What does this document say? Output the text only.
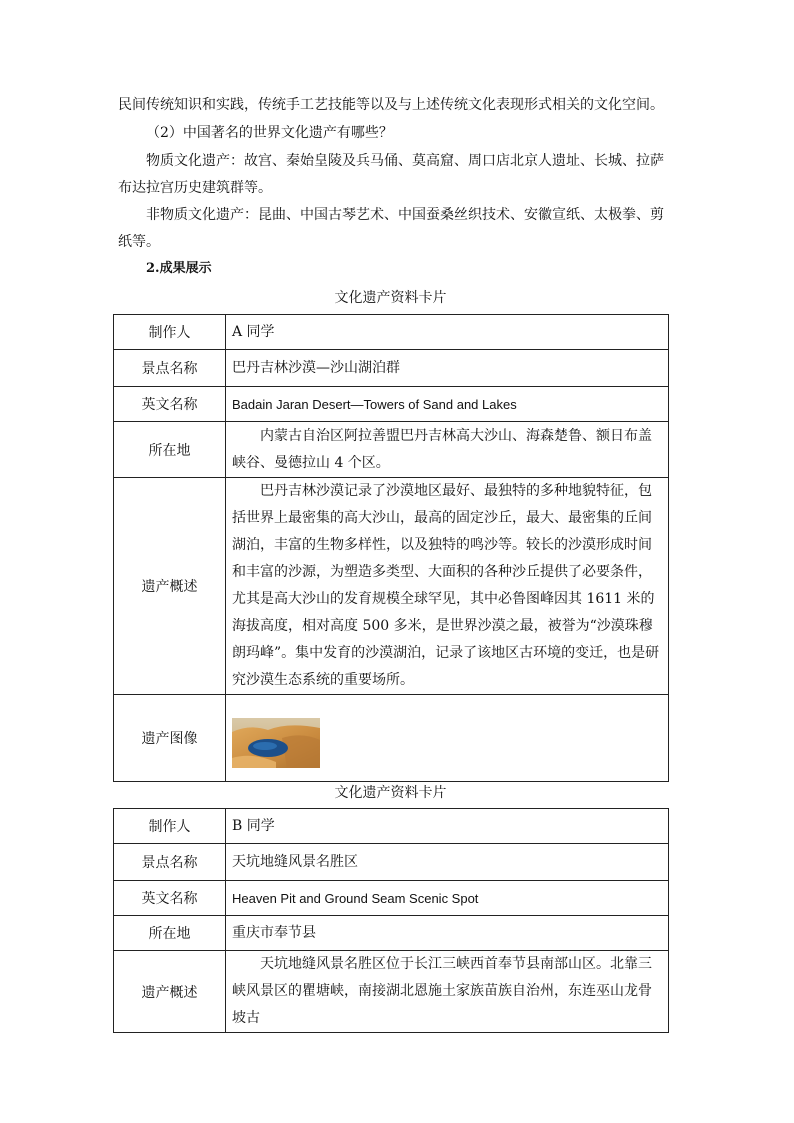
民间传统知识和实践，传统手工艺技能等以及与上述传统文化表现形式相关的文化空间。

（2）中国著名的世界文化遗产有哪些？

物质文化遗产：故宫、秦始皇陵及兵马俑、莫高窟、周口店北京人遗址、长城、拉萨布达拉宫历史建筑群等。

非物质文化遗产：昆曲、中国古琴艺术、中国蚕桑丝织技术、安徽宣纸、太极拳、剪纸等。

2.成果展示

文化遗产资料卡片

制作人	A 同学
景点名称	巴丹吉林沙漠—沙山湖泊群
英文名称	Badain Jaran Desert—Towers of Sand and Lakes
所在地	内蒙古自治区阿拉善盟巴丹吉林高大沙山、海森楚鲁、额日布盖峡谷、曼德拉山 4 个区。
遗产概述	巴丹吉林沙漠记录了沙漠地区最好、最独特的多种地貌特征，包括世界上最密集的高大沙山，最高的固定沙丘，最大、最密集的丘间湖泊，丰富的生物多样性，以及独特的鸣沙等。较长的沙漠形成时间和丰富的沙源，为塑造多类型、大面积的各种沙丘提供了必要条件，尤其是高大沙山的发育规模全球罕见，其中必鲁图峰因其 1611 米的海拔高度，相对高度 500 多米，是世界沙漠之最，被誉为“沙漠珠穆朗玛峰”。集中发育的沙漠湖泊，记录了该地区古环境的变迁，也是研究沙漠生态系统的重要场所。
遗产图像	

文化遗产资料卡片

制作人	B 同学
景点名称	天坑地缝风景名胜区
英文名称	Heaven Pit and Ground Seam Scenic Spot
所在地	重庆市奉节县
遗产概述	天坑地缝风景名胜区位于长江三峡西首奉节县南部山区。北靠三峡风景区的瞿塘峡，南接湖北恩施土家族苗族自治州，东连巫山龙骨坡古
